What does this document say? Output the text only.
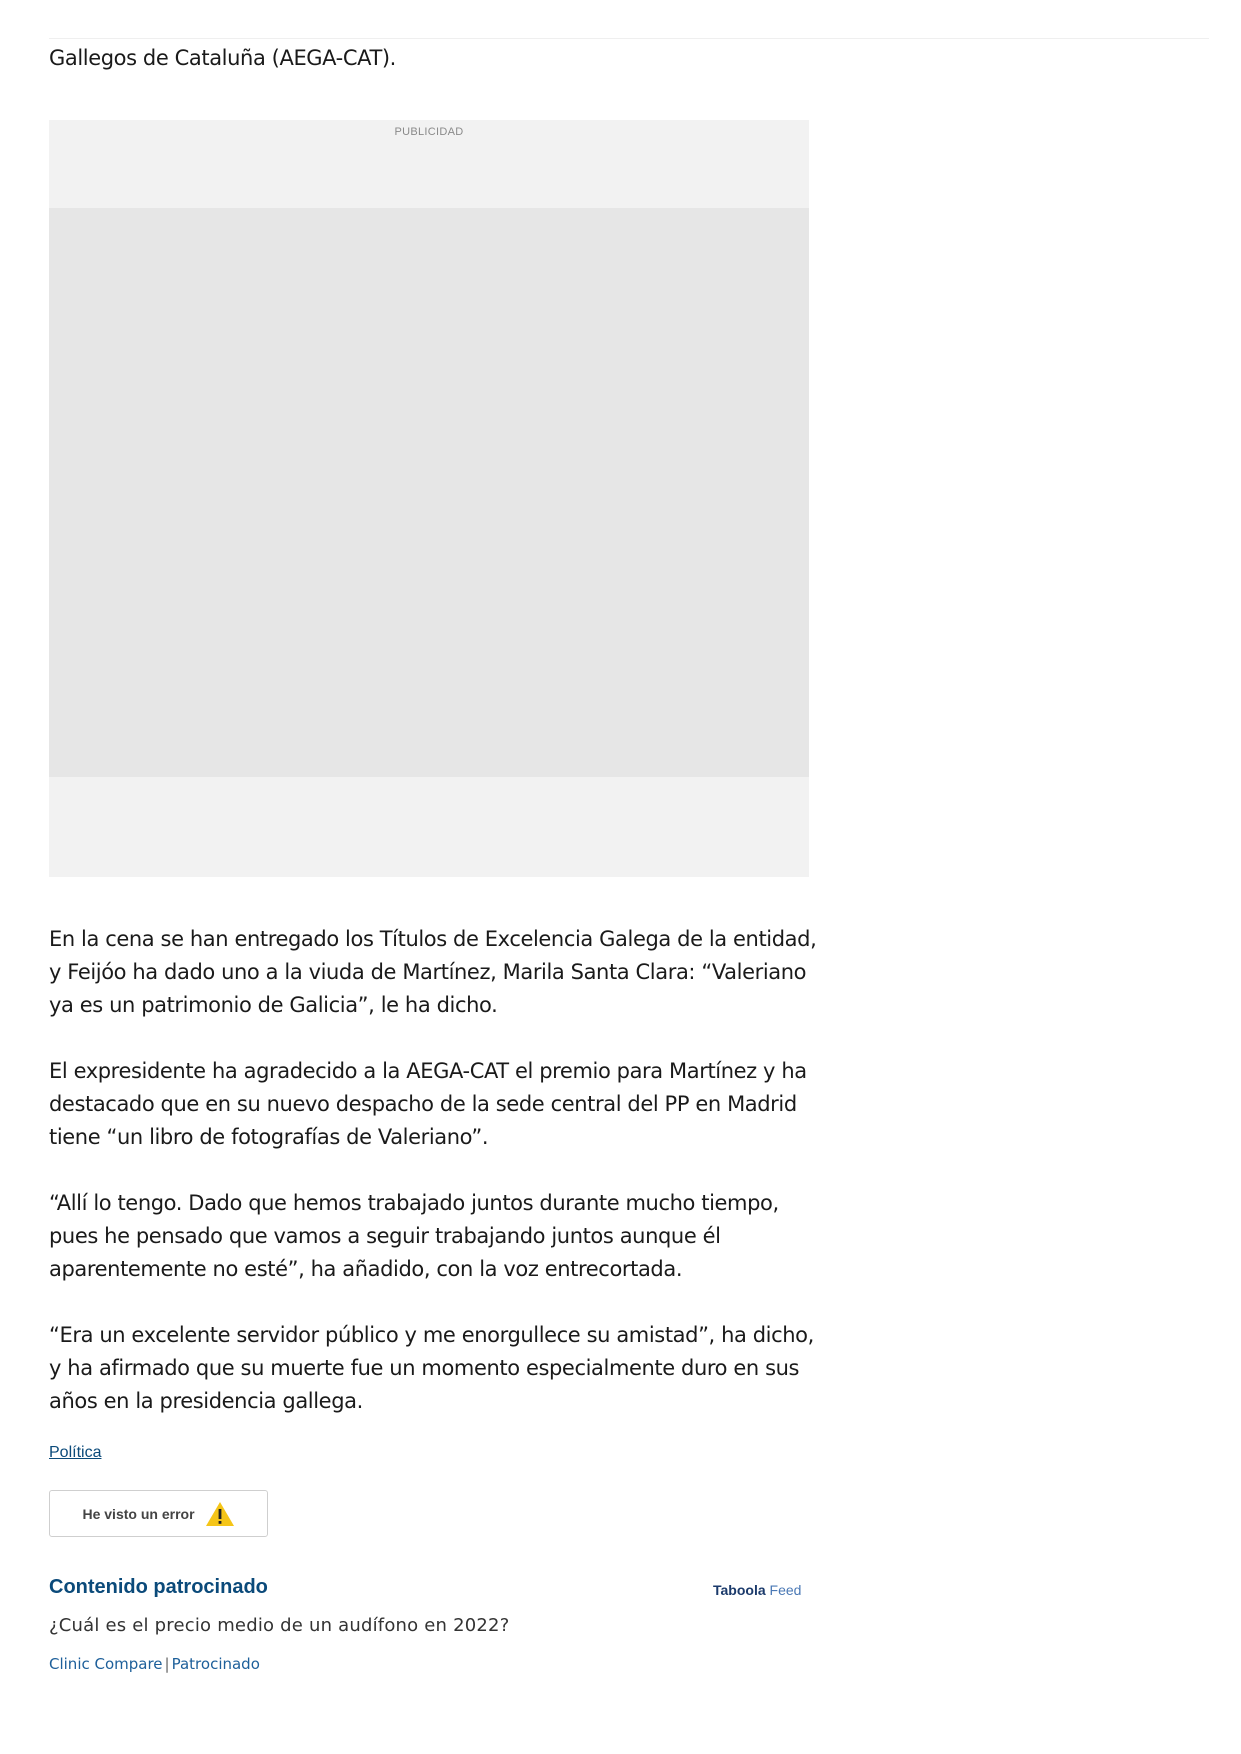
Gallegos de Cataluña (AEGA-CAT).

PUBLICIDAD

En la cena se han entregado los Títulos de Excelencia Galega de la entidad, y Feijóo ha dado uno a la viuda de Martínez, Marila Santa Clara: “Valeriano ya es un patrimonio de Galicia”, le ha dicho.

El expresidente ha agradecido a la AEGA-CAT el premio para Martínez y ha destacado que en su nuevo despacho de la sede central del PP en Madrid tiene “un libro de fotografías de Valeriano”.

“Allí lo tengo. Dado que hemos trabajado juntos durante mucho tiempo, pues he pensado que vamos a seguir trabajando juntos aunque él aparentemente no esté”, ha añadido, con la voz entrecortada.

“Era un excelente servidor público y me enorgullece su amistad”, ha dicho, y ha afirmado que su muerte fue un momento especialmente duro en sus años en la presidencia gallega.

Política
He visto un error
Contenido patrocinado	Taboola Feed
¿Cuál es el precio medio de un audífono en 2022?
Clinic Compare | Patrocinado
